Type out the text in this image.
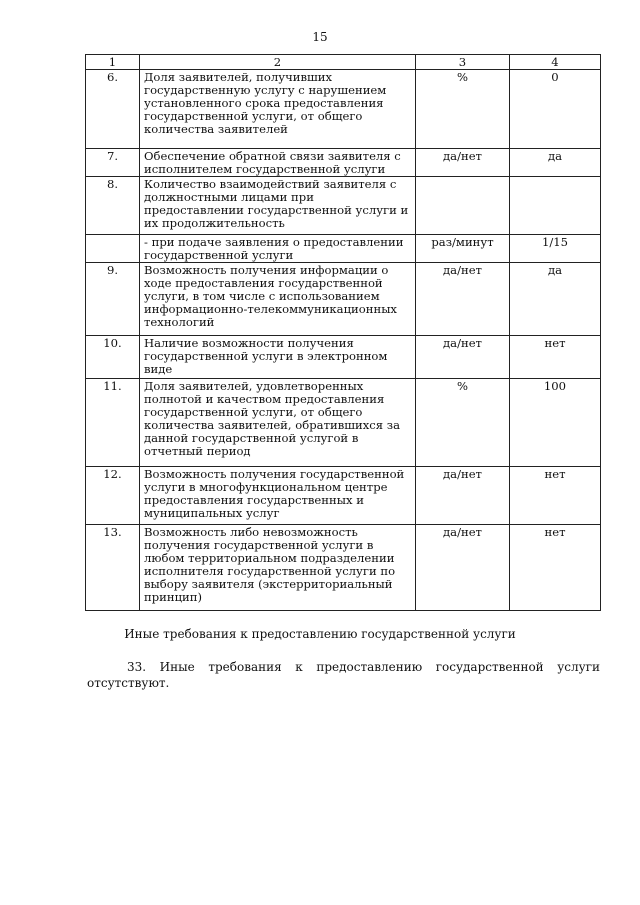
15
1	2	3	4
6.	Доля заявителей, получивших государственную услугу с нарушением установленного срока предоставления государственной услуги, от общего количества заявителей	%	0
7.	Обеспечение обратной связи заявителя с исполнителем государственной услуги	да/нет	да
8.	Количество взаимодействий заявителя с должностными лицами при предоставлении государственной услуги и их продолжительность		
	- при подаче заявления о предоставлении государственной услуги	раз/минут	1/15
9.	Возможность получения информации о ходе предоставления государственной услуги, в том числе с использованием информационно-телекоммуникационных технологий	да/нет	да
10.	Наличие возможности получения государственной услуги в электронном виде	да/нет	нет
11.	Доля заявителей, удовлетворенных полнотой и качеством предоставления государственной услуги, от общего количества заявителей, обратившихся за данной государственной услугой в отчетный период	%	100
12.	Возможность получения государственной услуги в многофункциональном центре предоставления государственных и муниципальных услуг	да/нет	нет
13.	Возможность либо невозможность получения государственной услуги в любом территориальном подразделении исполнителя государственной услуги по выбору заявителя (экстерриториальный принцип)	да/нет	нет
Иные требования к предоставлению государственной услуги
33. Иные требования к предоставлению государственной услуги
отсутствуют.
